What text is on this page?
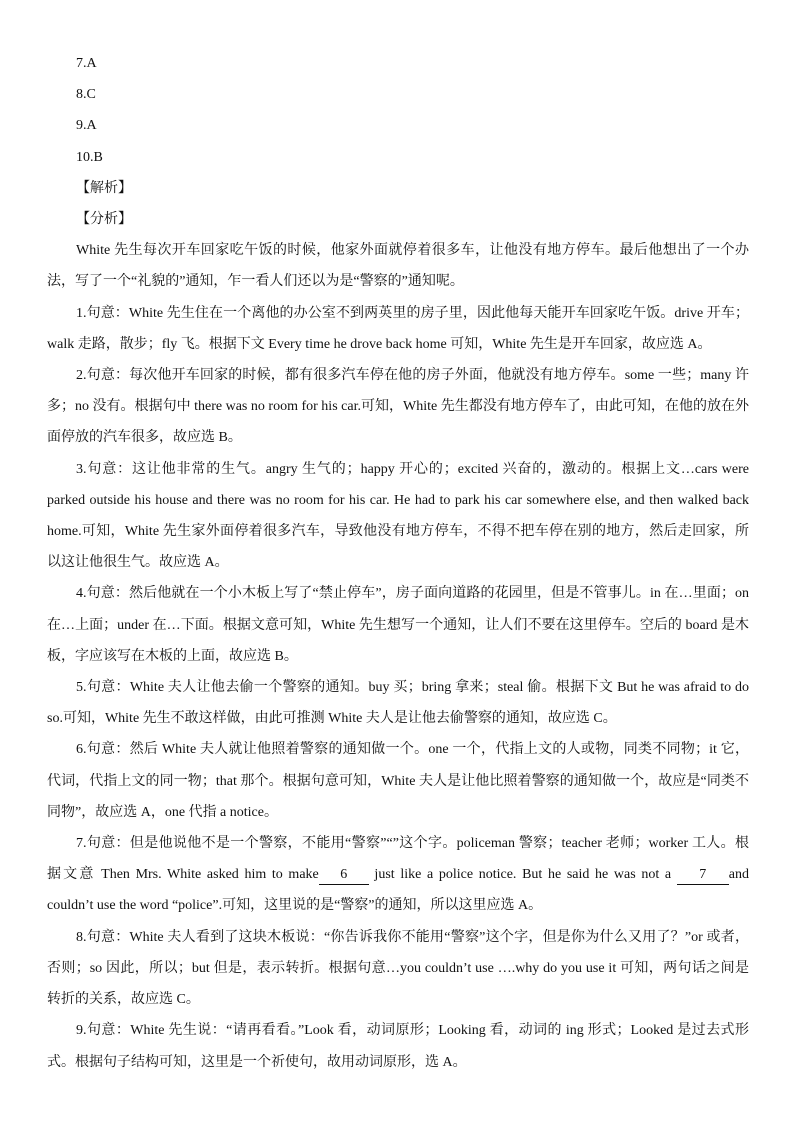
7.A

8.C

9.A

10.B

【解析】

【分析】

White 先生每次开车回家吃午饭的时候，他家外面就停着很多车，让他没有地方停车。最后他想出了一个办法，写了一个“礼貌的”通知，乍一看人们还以为是“警察的”通知呢。

1.句意：White 先生住在一个离他的办公室不到两英里的房子里，因此他每天能开车回家吃午饭。drive 开车；walk 走路，散步；fly 飞。根据下文 Every time he drove back home 可知，White 先生是开车回家，故应选 A。

2.句意：每次他开车回家的时候，都有很多汽车停在他的房子外面，他就没有地方停车。some 一些；many 许多；no 没有。根据句中 there was no room for his car.可知，White 先生都没有地方停车了，由此可知，在他的放在外面停放的汽车很多，故应选 B。

3.句意：这让他非常的生气。angry 生气的；happy 开心的；excited 兴奋的，激动的。根据上文…cars were parked outside his house and there was no room for his car. He had to park his car somewhere else, and then walked back home.可知，White 先生家外面停着很多汽车，导致他没有地方停车，不得不把车停在别的地方，然后走回家，所以这让他很生气。故应选 A。

4.句意：然后他就在一个小木板上写了“禁止停车”，房子面向道路的花园里，但是不管事儿。in 在…里面；on 在…上面；under 在…下面。根据文意可知，White 先生想写一个通知，让人们不要在这里停车。空后的 board 是木板，字应该写在木板的上面，故应选 B。

5.句意：White 夫人让他去偷一个警察的通知。buy 买；bring 拿来；steal 偷。根据下文 But he was afraid to do so.可知，White 先生不敢这样做，由此可推测 White 夫人是让他去偷警察的通知，故应选 C。

6.句意：然后 White 夫人就让他照着警察的通知做一个。one 一个，代指上文的人或物，同类不同物；it 它，代词，代指上文的同一物；that 那个。根据句意可知，White 夫人是让他比照着警察的通知做一个，故应是“同类不同物”，故应选 A，one 代指 a notice。

7.句意：但是他说他不是一个警察，不能用“警察”“”这个字。policeman 警察；teacher 老师；worker 工人。根据文意 Then Mrs. White asked him to make 6 just like a police notice. But he said he was not a 7 and couldn’t use the word “police”.可知，这里说的是“警察”的通知，所以这里应选 A。

8.句意：White 夫人看到了这块木板说：“你告诉我你不能用“警察”这个字，但是你为什么又用了？”or 或者，否则；so 因此，所以；but 但是，表示转折。根据句意…you couldn’t use ….why do you use it 可知，两句话之间是转折的关系，故应选 C。

9.句意：White 先生说：“请再看看。”Look 看，动词原形；Looking 看，动词的 ing 形式；Looked 是过去式形式。根据句子结构可知，这里是一个祈使句，故用动词原形，选 A。
